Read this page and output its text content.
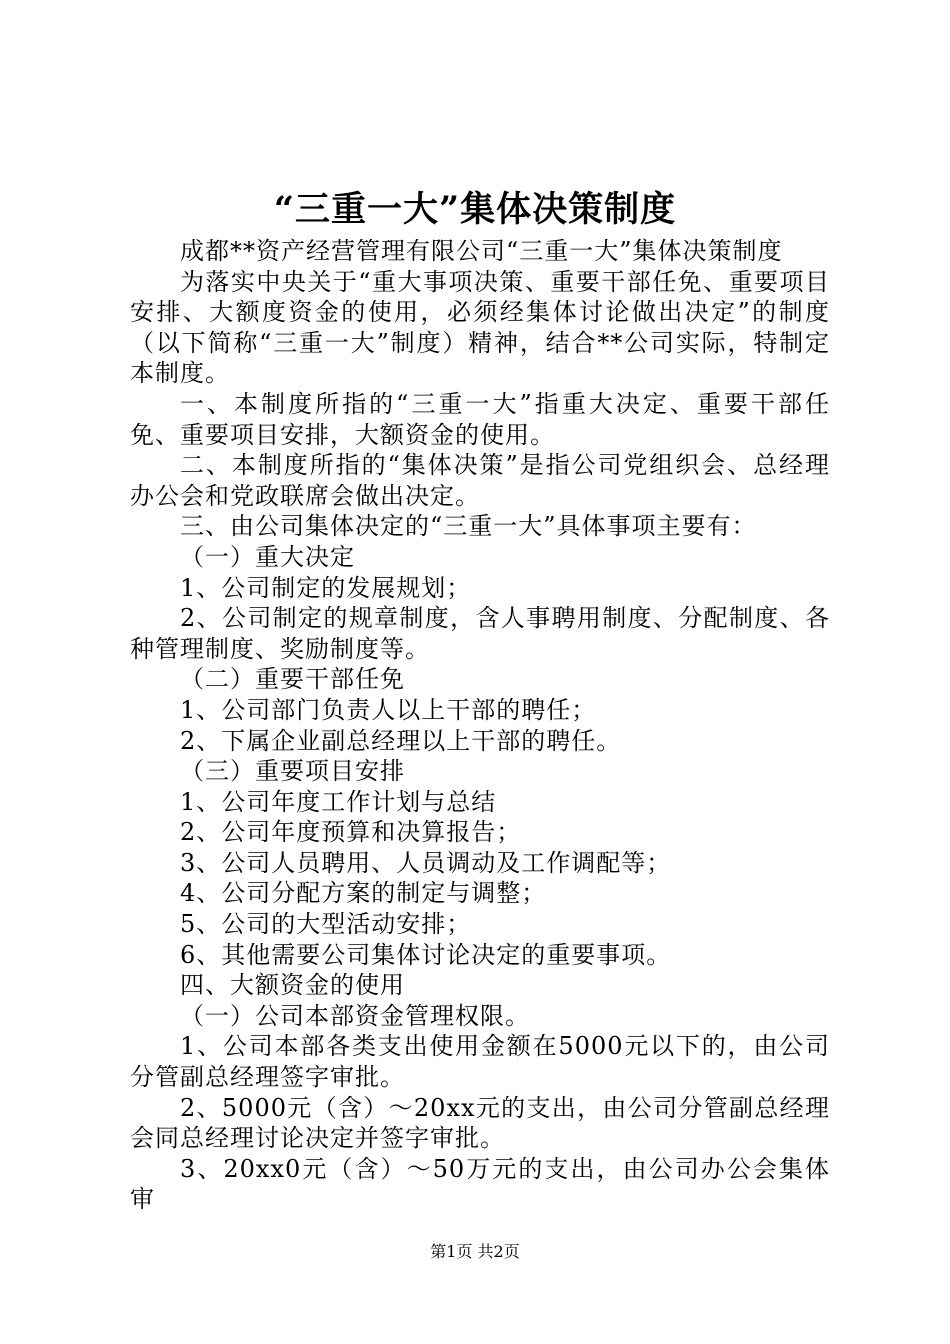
“三重一大”集体决策制度

成都**资产经营管理有限公司“三重一大”集体决策制度

为落实中央关于“重大事项决策、重要干部任免、重要项目安排、大额度资金的使用，必须经集体讨论做出决定”的制度（以下简称“三重一大”制度）精神，结合**公司实际，特制定本制度。

一、本制度所指的“三重一大”指重大决定、重要干部任免、重要项目安排，大额资金的使用。

二、本制度所指的“集体决策”是指公司党组织会、总经理办公会和党政联席会做出决定。

三、由公司集体决定的“三重一大”具体事项主要有：

（一）重大决定

1、公司制定的发展规划；

2、公司制定的规章制度，含人事聘用制度、分配制度、各种管理制度、奖励制度等。

（二）重要干部任免

1、公司部门负责人以上干部的聘任；

2、下属企业副总经理以上干部的聘任。

（三）重要项目安排

1、公司年度工作计划与总结

2、公司年度预算和决算报告；

3、公司人员聘用、人员调动及工作调配等；

4、公司分配方案的制定与调整；

5、公司的大型活动安排；

6、其他需要公司集体讨论决定的重要事项。

四、大额资金的使用

（一）公司本部资金管理权限。

1、公司本部各类支出使用金额在5000元以下的，由公司分管副总经理签字审批。

2、5000元（含）～20xx元的支出，由公司分管副总经理会同总经理讨论决定并签字审批。

3、20xx0元（含）～50万元的支出，由公司办公会集体审

第1页 共2页
